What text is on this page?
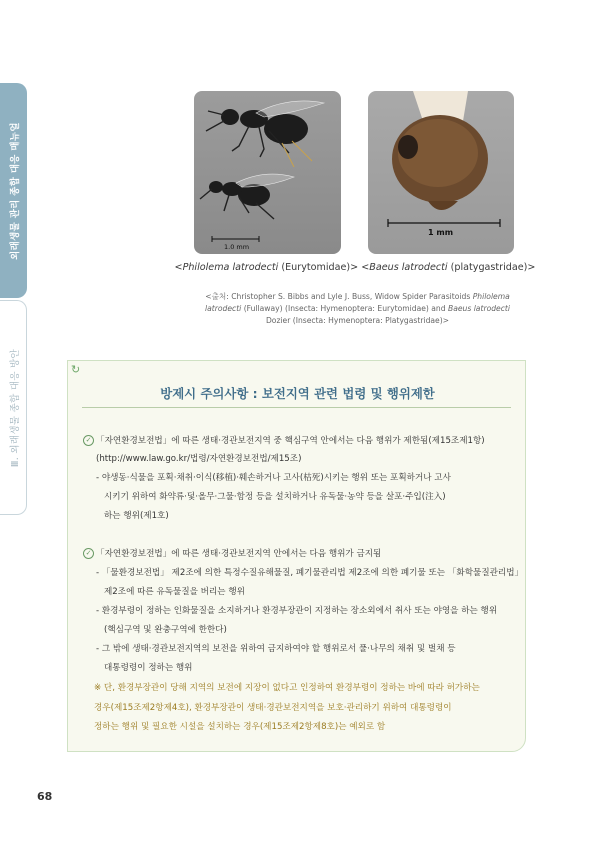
외래생물 관리 종합 대응 매뉴얼
Ⅲ. 외래생물 종합 대응 방안
1.0 mm
1 mm
<Philolema latrodecti (Eurytomidae)> <Baeus latrodecti (platygastridae)>
<출처: Christopher S. Bibbs and Lyle J. Buss, Widow Spider Parasitoids Philolema
latrodecti (Fullaway) (Insecta: Hymenoptera: Eurytomidae) and Baeus latrodecti
Dozier (Insecta: Hymenoptera: Platygastridae)>
↻
방제시 주의사항 : 보전지역 관련 법령 및 행위제한
✓ 「자연환경보전법」에 따른 생태·경관보전지역 중 핵심구역 안에서는 다음 행위가 제한됨(제15조제1항)
(http://www.law.go.kr/법령/자연환경보전법/제15조)
- 야생동·식물을 포획·채취·이식(移植)·훼손하거나 고사(枯死)시키는 행위 또는 포획하거나 고사
시키기 위하여 화약류·덫·올무·그물·함정 등을 설치하거나 유독물·농약 등을 살포·주입(注入)
하는 행위(제1호)
✓ 「자연환경보전법」에 따른 생태·경관보전지역 안에서는 다음 행위가 금지됨
- 「물환경보전법」 제2조에 의한 특정수질유해물질, 폐기물관리법 제2조에 의한 폐기물 또는 「화학물질관리법」
제2조에 따른 유독물질을 버리는 행위
- 환경부령이 정하는 인화물질을 소지하거나 환경부장관이 지정하는 장소외에서 취사 또는 야영을 하는 행위
(핵심구역 및 완충구역에 한한다)
- 그 밖에 생태·경관보전지역의 보전을 위하여 금지하여야 할 행위로서 풀·나무의 채취 및 벌채 등
대통령령이 정하는 행위
※ 단, 환경부장관이 당해 지역의 보전에 지장이 없다고 인정하여 환경부령이 정하는 바에 따라 허가하는
경우(제15조제2항제4호), 환경부장관이 생태·경관보전지역을 보호·관리하기 위하여 대통령령이
정하는 행위 및 필요한 시설을 설치하는 경우(제15조제2항제8호)는 예외로 함
68
